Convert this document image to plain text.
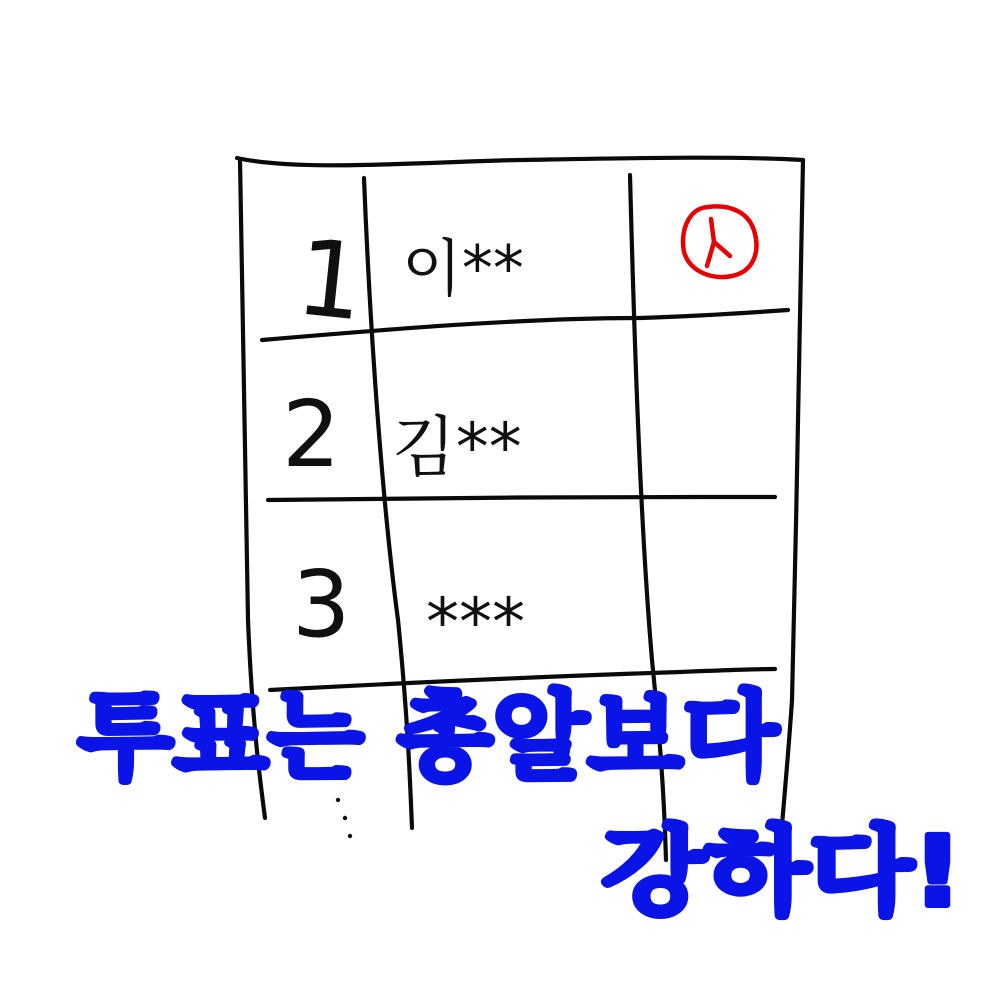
1 이**
2 김**
3 ***
투표는 총알보다
강하다!
